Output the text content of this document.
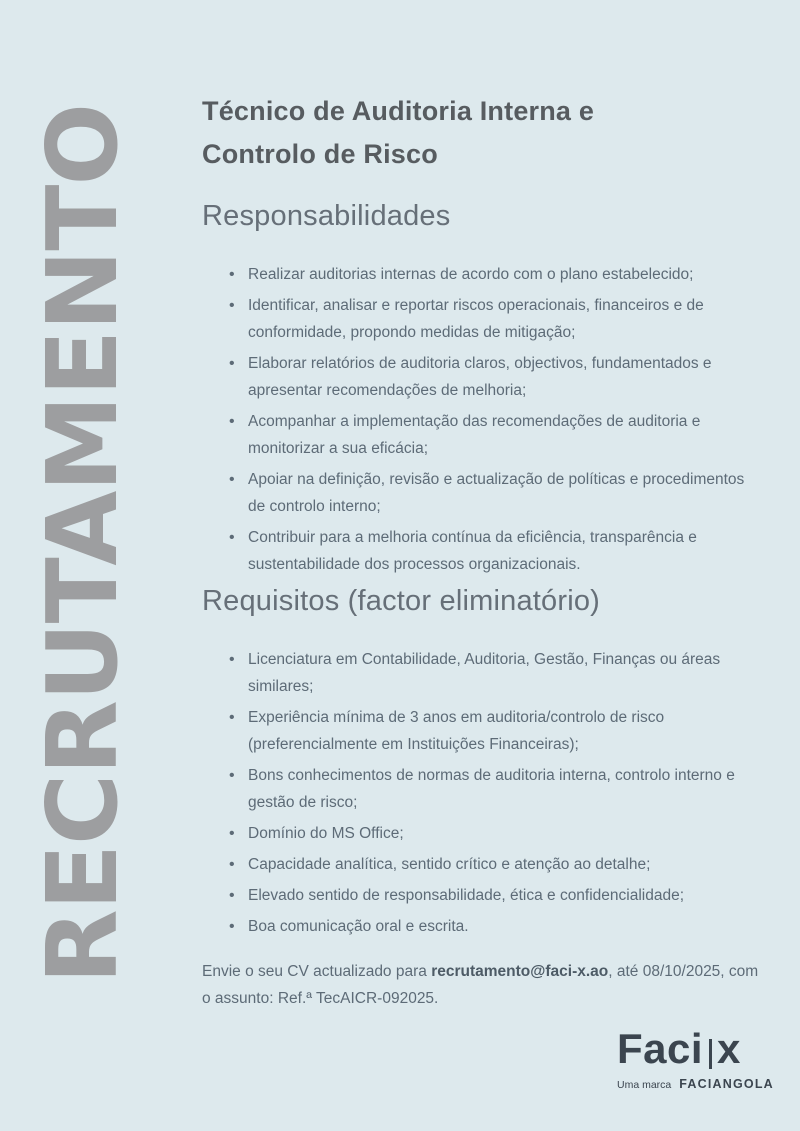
RECRUTAMENTO Técnico de Auditoria Interna e
Controlo de Risco
Responsabilidades
• Realizar auditorias internas de acordo com o plano estabelecido;
• Identificar, analisar e reportar riscos operacionais, financeiros e de conformidade, propondo medidas de mitigação;
• Elaborar relatórios de auditoria claros, objectivos, fundamentados e apresentar recomendações de melhoria;
• Acompanhar a implementação das recomendações de auditoria e monitorizar a sua eficácia;
• Apoiar na definição, revisão e actualização de políticas e procedimentos de controlo interno;
• Contribuir para a melhoria contínua da eficiência, transparência e sustentabilidade dos processos organizacionais.
Requisitos (factor eliminatório)
• Licenciatura em Contabilidade, Auditoria, Gestão, Finanças ou áreas similares;
• Experiência mínima de 3 anos em auditoria/controlo de risco (preferencialmente em Instituições Financeiras);
• Bons conhecimentos de normas de auditoria interna, controlo interno e gestão de risco;
• Domínio do MS Office;
• Capacidade analítica, sentido crítico e atenção ao detalhe;
• Elevado sentido de responsabilidade, ética e confidencialidade;
• Boa comunicação oral e escrita.

Envie o seu CV actualizado para recrutamento@faci-x.ao, até 08/10/2025, com o assunto: Ref.ª TecAICR-092025.

Faci x
Uma marca FACIANGOLA
